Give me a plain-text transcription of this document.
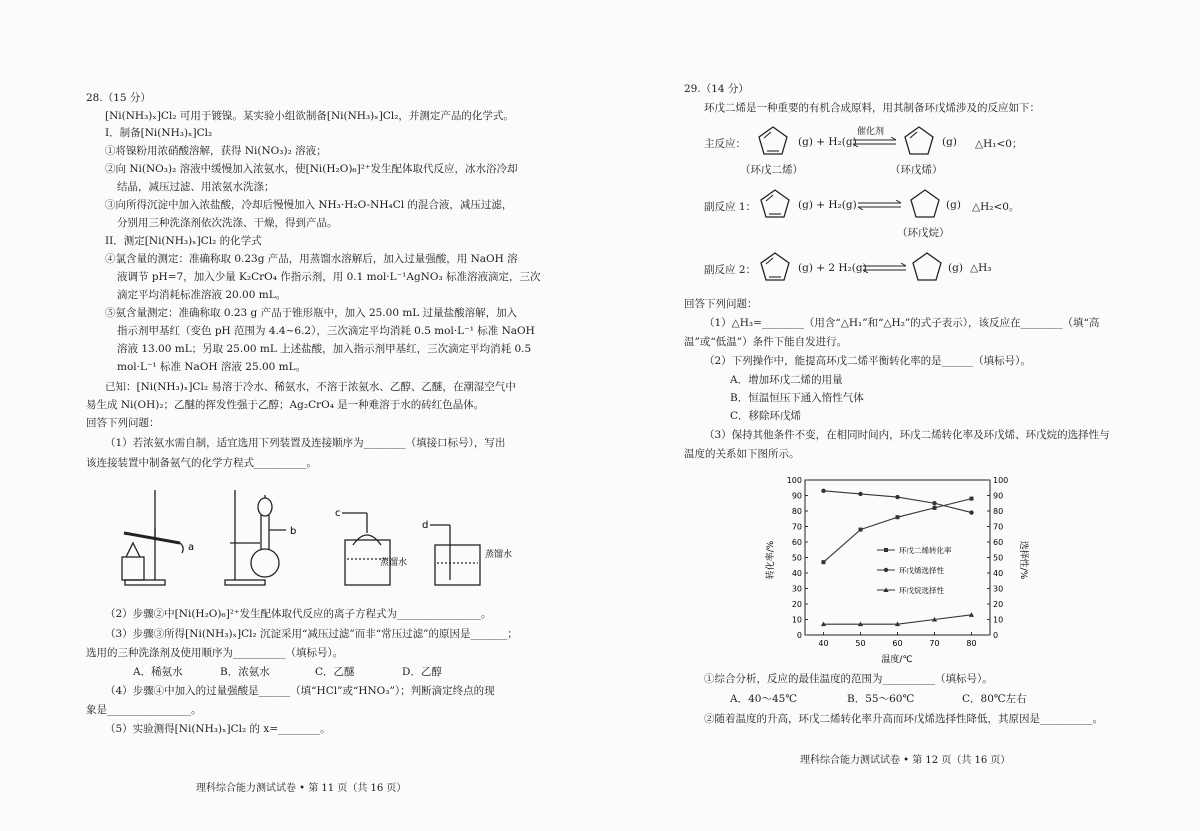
28.（15 分）
[Ni(NH₃)ₓ]Cl₂ 可用于镀镍。某实验小组欲制备[Ni(NH₃)ₓ]Cl₂，并测定产品的化学式。
I．制备[Ni(NH₃)ₓ]Cl₂
①将镍粉用浓硝酸溶解，获得 Ni(NO₃)₂ 溶液；
②向 Ni(NO₃)₂ 溶液中缓慢加入浓氨水，使[Ni(H₂O)₆]²⁺发生配体取代反应，冰水浴冷却
结晶，减压过滤、用浓氨水洗涤；
③向所得沉淀中加入浓盐酸，冷却后慢慢加入 NH₃·H₂O-NH₄Cl 的混合液，减压过滤，
分别用三种洗涤剂依次洗涤、干燥，得到产品。
II．测定[Ni(NH₃)ₓ]Cl₂ 的化学式
④氯含量的测定：准确称取 0.23g 产品，用蒸馏水溶解后，加入过量强酸，用 NaOH 溶
液调节 pH=7，加入少量 K₂CrO₄ 作指示剂，用 0.1 mol·L⁻¹AgNO₃ 标准溶液滴定，三次
滴定平均消耗标准溶液 20.00 mL。
⑤氨含量测定：准确称取 0.23 g 产品于锥形瓶中，加入 25.00 mL 过量盐酸溶解，加入
指示剂甲基红（变色 pH 范围为 4.4~6.2），三次滴定平均消耗 0.5 mol·L⁻¹ 标准 NaOH
溶液 13.00 mL；另取 25.00 mL 上述盐酸，加入指示剂甲基红，三次滴定平均消耗 0.5
mol·L⁻¹ 标准 NaOH 溶液 25.00 mL。
已知：[Ni(NH₃)ₓ]Cl₂ 易溶于冷水、稀氨水，不溶于浓氨水、乙醇、乙醚，在潮湿空气中
易生成 Ni(OH)₂；乙醚的挥发性强于乙醇；Ag₂CrO₄ 是一种难溶于水的砖红色晶体。
回答下列问题：
（1）若浓氨水需自制，适宜选用下列装置及连接顺序为________（填接口标号），写出
该连接装置中制备氨气的化学方程式__________。
a
b
c
d
蒸馏水
蒸馏水
（2）步骤②中[Ni(H₂O)₆]²⁺发生配体取代反应的离子方程式为________________。
（3）步骤③所得[Ni(NH₃)ₓ]Cl₂ 沉淀采用“减压过滤”而非“常压过滤”的原因是_______；
选用的三种洗涤剂及使用顺序为__________（填标号）。
A．稀氨水	B．浓氨水	C．乙醚	D．乙醇
（4）步骤④中加入的过量强酸是______（填“HCl”或“HNO₃”）；判断滴定终点的现
象是________________。
（5）实验测得[Ni(NH₃)ₓ]Cl₂ 的 x=________。
理科综合能力测试试卷 • 第 11 页（共 16 页）
29.（14 分）
环戊二烯是一种重要的有机合成原料，用其制备环戊烯涉及的反应如下：
主反应：	(g) + H₂(g)
催化剂
(g) △H₁<0；
（环戊二烯）	（环戊烯）
副反应 1：	(g) + H₂(g) ⇌	(g) △H₂<0。
（环戊烷）
副反应 2：	(g) + 2 H₂(g)	(g) △H₃
回答下列问题：
（1）△H₃=________（用含“△H₁”和“△H₂”的式子表示），该反应在________（填“高
温”或“低温”）条件下能自发进行。
（2）下列操作中，能提高环戊二烯平衡转化率的是______（填标号）。
A．增加环戊二烯的用量
B．恒温恒压下通入惰性气体
C．移除环戊烯
（3）保持其他条件不变，在相同时间内，环戊二烯转化率及环戊烯、环戊烷的选择性与
温度的关系如下图所示。
0	0
10	10
20	20
30	30
40	40
50	50
60	60
70	70
80	80
90	90
100	100
40	50	60	70	80
环戊二烯转化率
环戊烯选择性
环戊烷选择性
转化率/%	选择性/%
温度/℃
①综合分析，反应的最佳温度的范围为__________（填标号）。
A．40～45℃	B．55～60℃	C．80℃左右
②随着温度的升高，环戊二烯转化率升高而环戊烯选择性降低，其原因是__________。
理科综合能力测试试卷 • 第 12 页（共 16 页）
